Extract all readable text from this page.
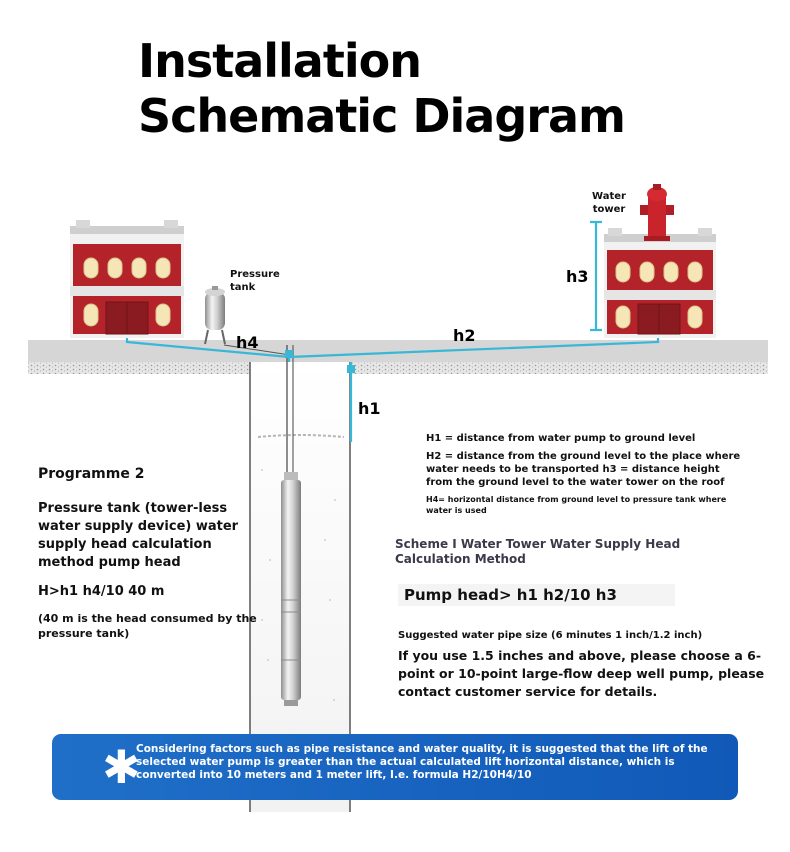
Installation
Schematic Diagram
h4	h2
h3
h1
Pressure tank
Water tower
Programme 2
Pressure tank (tower-less water supply device) water supply head calculation method pump head
H>h1 h4/10 40 m
(40 m is the head consumed by the pressure tank)
H1 = distance from water pump to ground level
H2 = distance from the ground level to the place where water needs to be transported h3 = distance height from the ground level to the water tower on the roof
H4= horizontal distance from ground level to pressure tank where water is used
Scheme I Water Tower Water Supply Head Calculation Method
Pump head> h1 h2/10 h3
Suggested water pipe size (6 minutes 1 inch/1.2 inch)
If you use 1.5 inches and above, please choose a 6-point or 10-point large-flow deep well pump, please contact customer service for details.
✱
Considering factors such as pipe resistance and water quality, it is suggested that the lift of the selected water pump is greater than the actual calculated lift horizontal distance, which is converted into 10 meters and 1 meter lift, I.e. formula H2/10H4/10
